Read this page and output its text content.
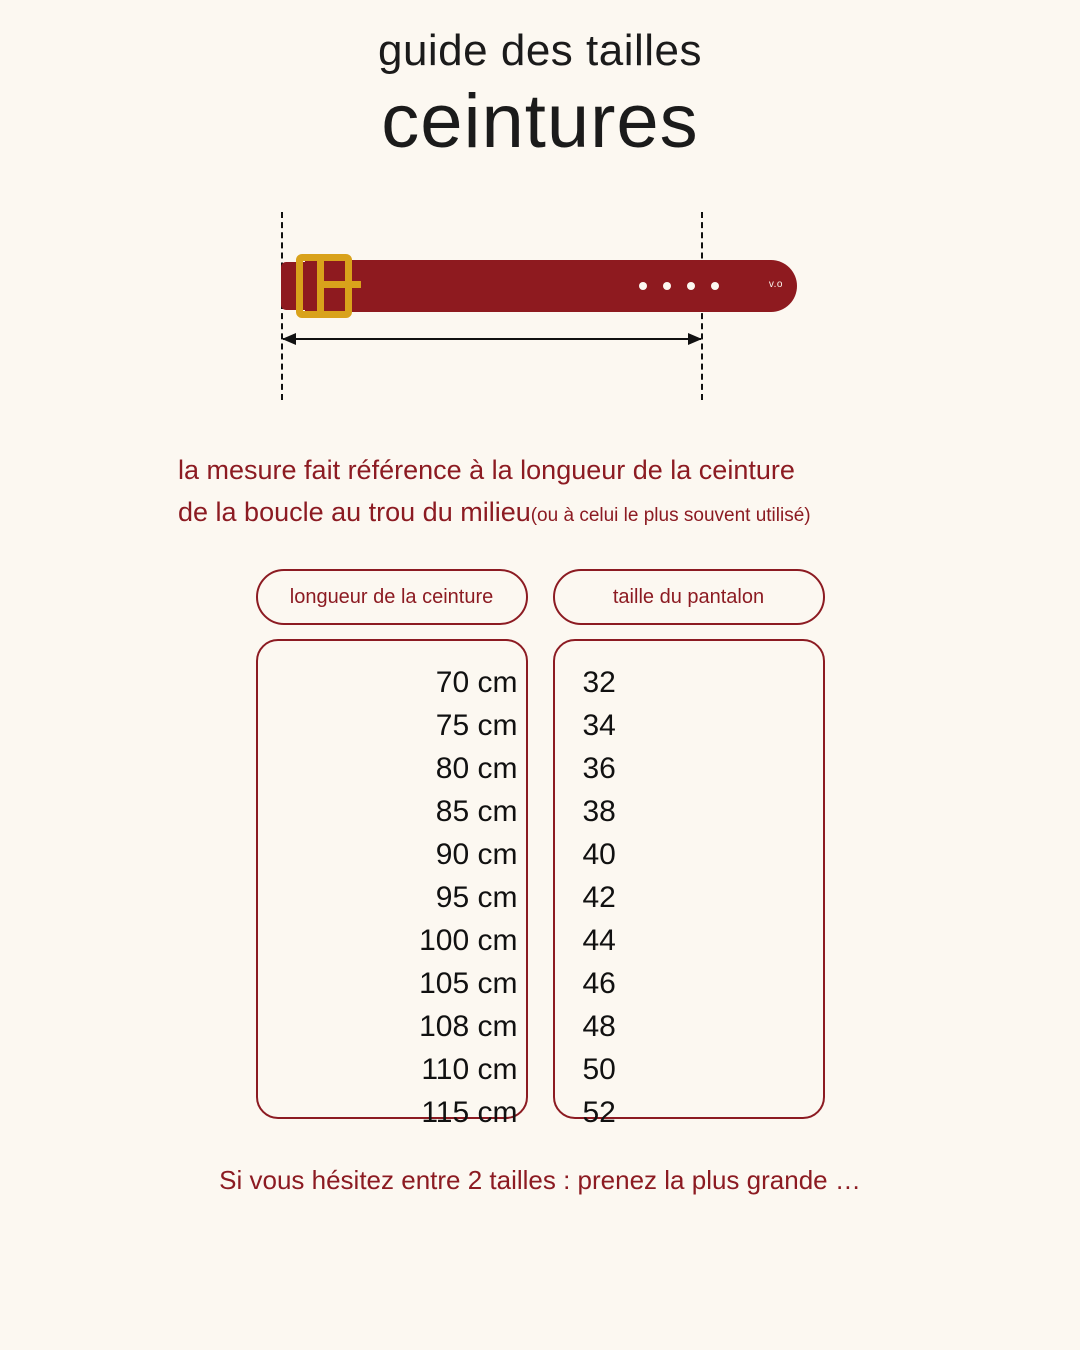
guide des tailles
ceintures
v.o
la mesure fait référence à la longueur de la ceinture
de la boucle au trou du milieu(ou à celui le plus souvent utilisé)
longueur de la ceinture
70 cm
75 cm
80 cm
85 cm
90 cm
95 cm
100 cm
105 cm
108 cm
110 cm
115 cm
taille du pantalon
32
34
36
38
40
42
44
46
48
50
52
Si vous hésitez entre 2 tailles : prenez la plus grande …
